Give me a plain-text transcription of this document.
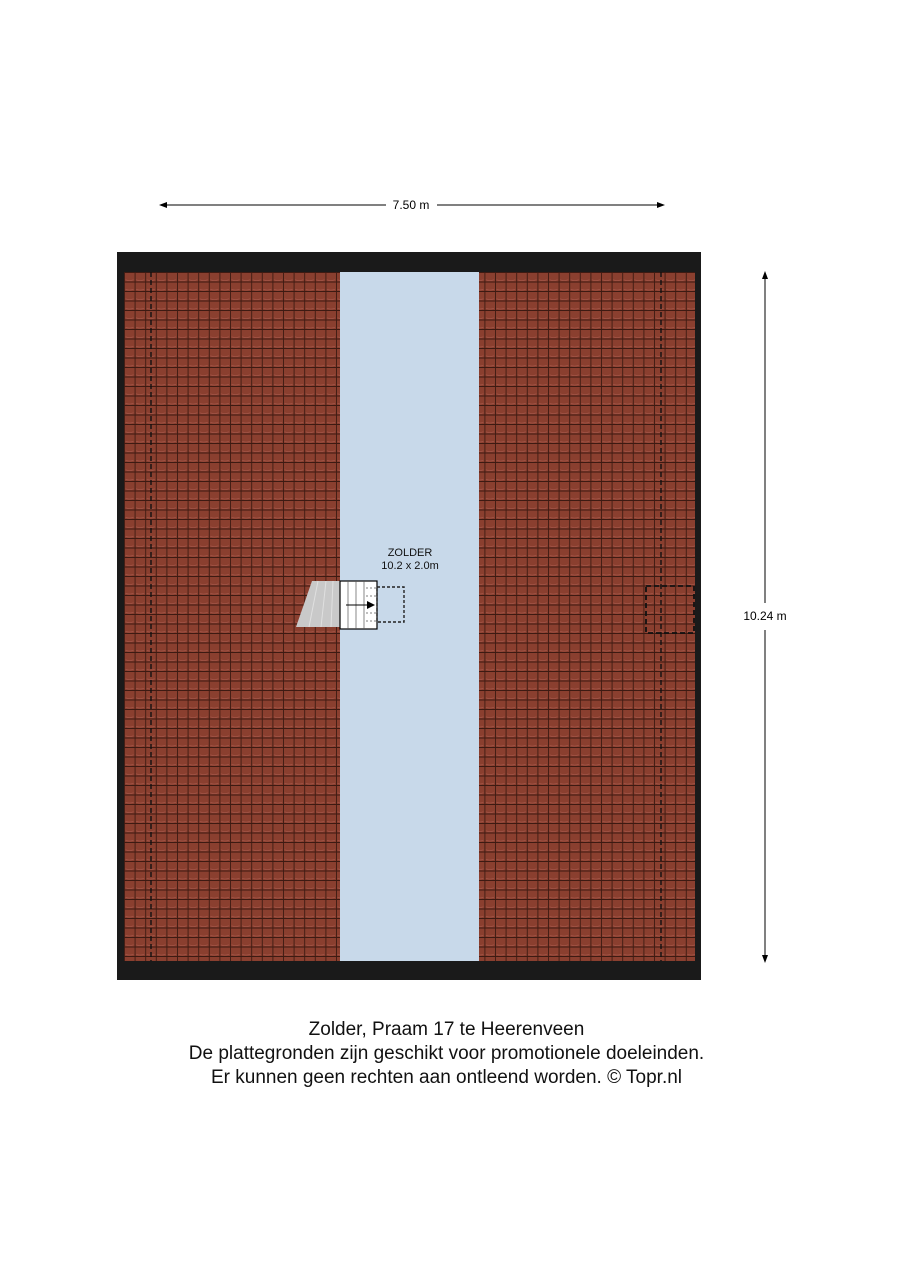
7.50 m
10.24 m
ZOLDER
10.2 x 2.0m
Zolder, Praam 17 te Heerenveen
De plattegronden zijn geschikt voor promotionele doeleinden.
Er kunnen geen rechten aan ontleend worden. © Topr.nl
